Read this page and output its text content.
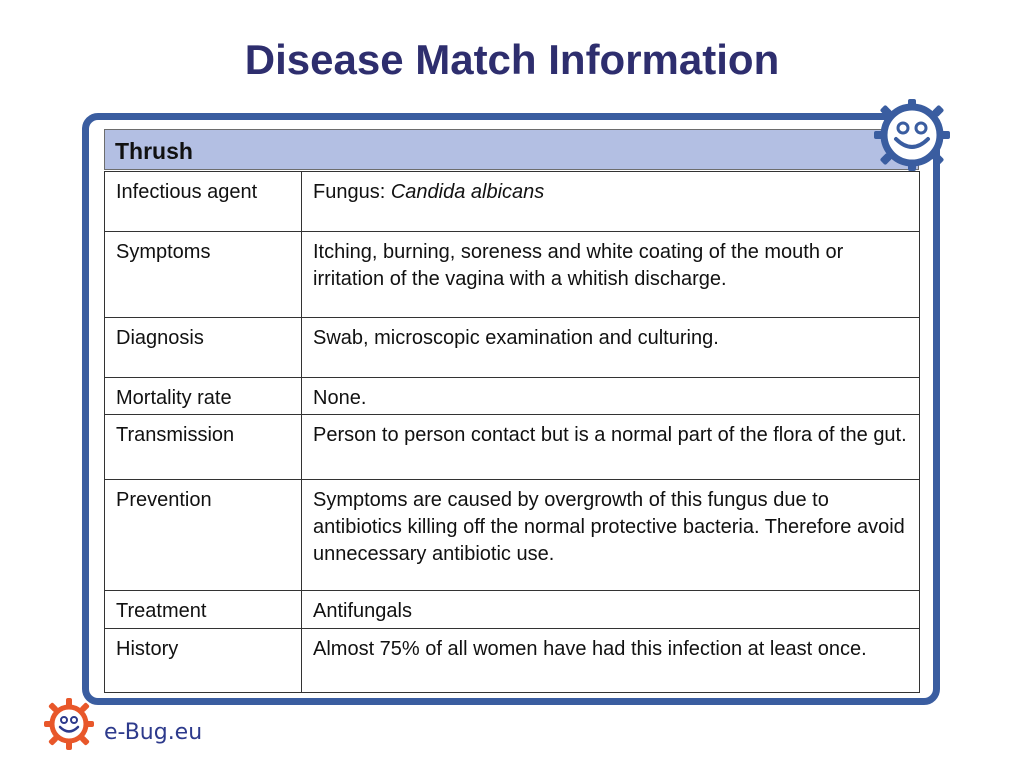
Disease Match Information
Thrush
Infectious agent	Fungus: Candida albicans
Symptoms	Itching, burning, soreness and white coating of the mouth or irritation of the vagina with a whitish discharge.
Diagnosis	Swab, microscopic examination and culturing.
Mortality rate	None.
Transmission	Person to person contact but is a normal part of the flora of the gut.
Prevention	Symptoms are caused by overgrowth of this fungus due to antibiotics killing off the normal protective bacteria. Therefore avoid unnecessary antibiotic use.
Treatment	Antifungals
History	Almost 75% of all women have had this infection at least once.
e-Bug.eu
